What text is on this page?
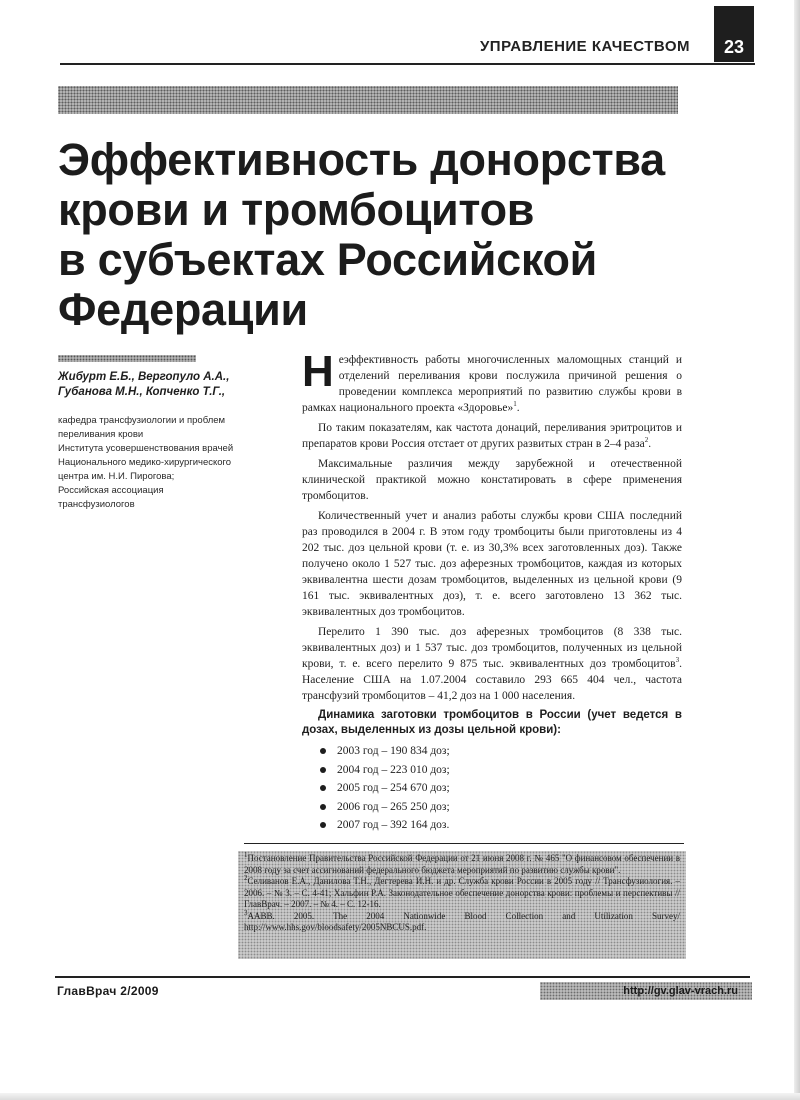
УПРАВЛЕНИЕ КАЧЕСТВОМ	23
Эффективность донорства
крови и тромбоцитов
в субъектах Российской
Федерации
Жибурт Е.Б., Вергопуло А.А.,
Губанова М.Н., Копченко Т.Г.,
кафедра трансфузиологии и проблем
переливания крови
Института усовершенствования врачей
Национального медико-хирургического
центра им. Н.И. Пирогова;
Российская ассоциация
трансфузиологов

Неэффективность работы многочисленных маломощных станций и отделений переливания крови послужила причиной решения о проведении комплекса мероприятий по развитию службы крови в рамках национального проекта «Здоровье»$^1$.

По таким показателям, как частота донаций, переливания эритроцитов и препаратов крови Россия отстает от других развитых стран в 2–4 раза$^2$.

Максимальные различия между зарубежной и отечественной клинической практикой можно констатировать в сфере применения тромбоцитов.

Количественный учет и анализ работы службы крови США последний раз проводился в 2004 г. В этом году тромбоциты были приготовлены из 4 202 тыс. доз цельной крови (т. е. из 30,3% всех заготовленных доз). Также получено около 1 527 тыс. доз аферезных тромбоцитов, каждая из которых эквивалентна шести дозам тромбоцитов, выделенных из цельной крови (9 161 тыс. эквивалентных доз), т. е. всего заготовлено 13 362 тыс. эквивалентных доз тромбоцитов.

Перелито 1 390 тыс. доз аферезных тромбоцитов (8 338 тыс. эквивалентных доз) и 1 537 тыс. доз тромбоцитов, полученных из цельной крови, т. е. всего перелито 9 875 тыс. эквивалентных доз тромбоцитов$^3$. Население США на 1.07.2004 составило 293 665 404 чел., частота трансфузий тромбоцитов – 41,2 доз на 1 000 населения.

Динамика заготовки тромбоцитов в России (учет ведется в дозах, выделенных из дозы цельной крови):
2003 год – 190 834 доз;
2004 год – 223 010 доз;
2005 год – 254 670 доз;
2006 год – 265 250 доз;
2007 год – 392 164 доз.

$^1$Постановление Правительства Российской Федерации от 21 июня 2008 г. № 465 "О финансовом обеспечении в 2008 году за счет ассигнований федерального бюджета мероприятий по развитию службы крови".

$^2$Селиванов Е.А., Данилова Т.Н., Дегтерева И.Н. и др. Служба крови России в 2005 году // Трансфузиология. – 2006. – № 3. – С. 4-41; Хальфин Р.А. Законодательное обеспечение донорства крови: проблемы и перспективы // ГлавВрач. – 2007. – № 4. – С. 12-16.

$^3$AABB. 2005. The 2004 Nationwide Blood Collection and Utilization Survey/ http://www.hhs.gov/bloodsafety/2005NBCUS.pdf.

ГлавВрач 2/2009	http://gv.glav-vrach.ru
